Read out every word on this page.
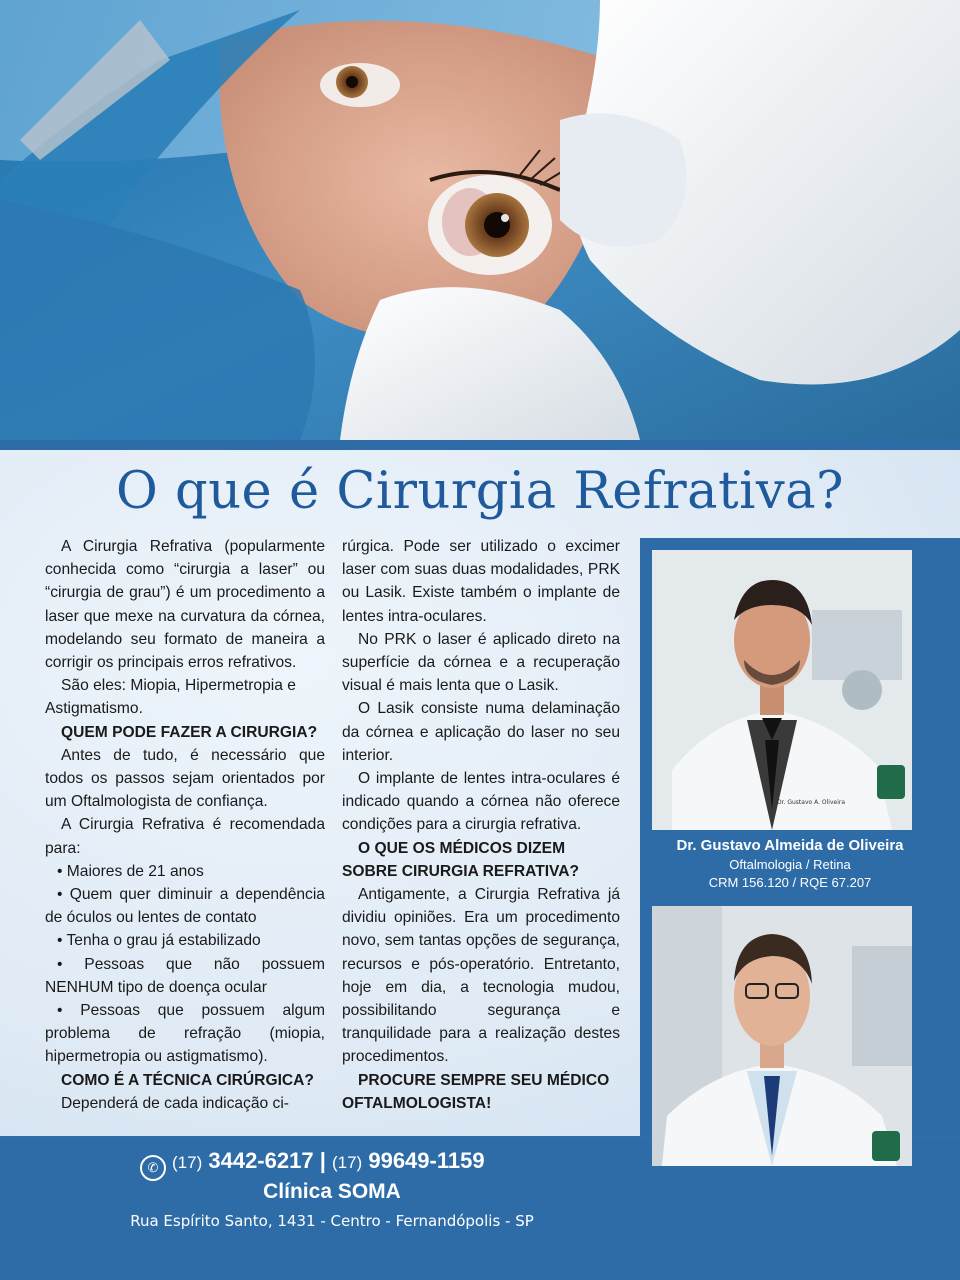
O que é Cirurgia Refrativa?

A Cirurgia Refrativa (popularmente conhecida como “cirurgia a laser” ou “cirurgia de grau”) é um procedimento a laser que mexe na curvatura da córnea, modelando seu formato de maneira a corrigir os principais erros refrativos.

São eles: Miopia, Hipermetropia e Astigmatismo.

QUEM PODE FAZER A CIRURGIA?

Antes de tudo, é necessário que todos os passos sejam orientados por um Oftalmologista de confiança.

A Cirurgia Refrativa é recomendada para:

• Maiores de 21 anos

• Quem quer diminuir a dependência de óculos ou lentes de contato

• Tenha o grau já estabilizado

• Pessoas que não possuem NENHUM tipo de doença ocular

• Pessoas que possuem algum problema de refração (miopia, hipermetropia ou astigmatismo).

COMO É A TÉCNICA CIRÚRGICA?

Dependerá de cada indicação ci-

rúrgica. Pode ser utilizado o excimer laser com suas duas modalidades, PRK ou Lasik. Existe também o implante de lentes intra-oculares.

No PRK o laser é aplicado direto na superfície da córnea e a recuperação visual é mais lenta que o Lasik.

O Lasik consiste numa delaminação da córnea e aplicação do laser no seu interior.

O implante de lentes intra-oculares é indicado quando a córnea não oferece condições para a cirurgia refrativa.

O QUE OS MÉDICOS DIZEM SOBRE CIRURGIA REFRATIVA?

Antigamente, a Cirurgia Refrativa já dividiu opiniões. Era um procedimento novo, sem tantas opções de segurança, recursos e pós-operatório. Entretanto, hoje em dia, a tecnologia mudou, possibilitando segurança e tranquilidade para a realização destes procedimentos.

PROCURE SEMPRE SEU MÉDICO OFTALMOLOGISTA!

Dr. Gustavo A. Oliveira
Dr. Gustavo Almeida de Oliveira
Oftalmologia / Retina
CRM 156.120 / RQE 67.207
✆ (17) 3442-6217 | (17) 99649-1159
Clínica SOMA
Rua Espírito Santo, 1431 - Centro - Fernandópolis - SP
